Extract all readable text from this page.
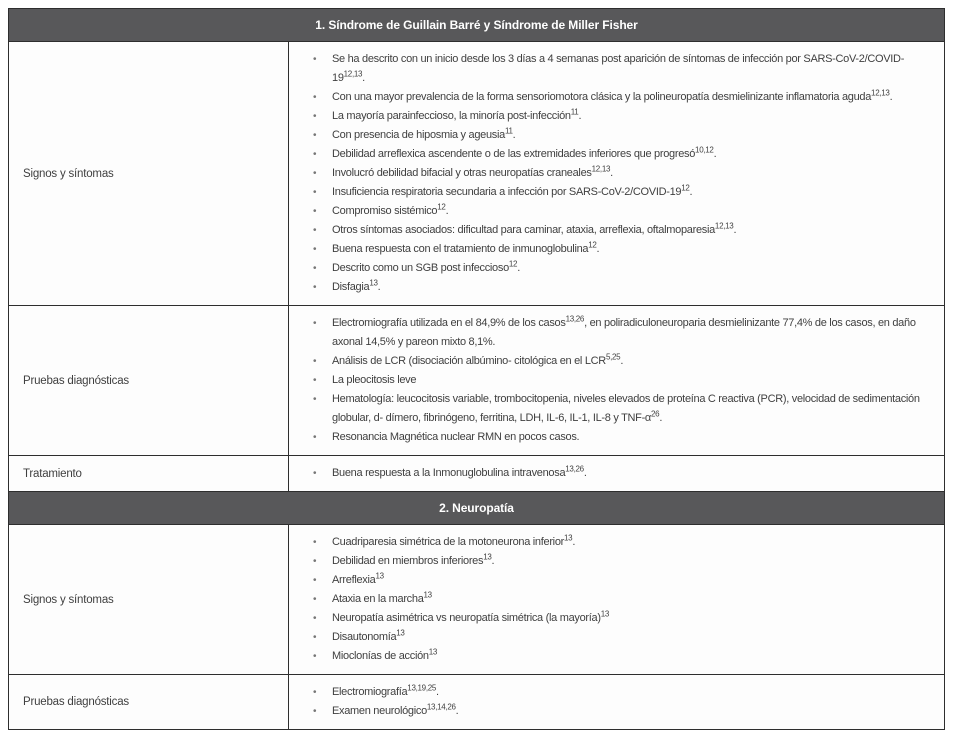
1. Síndrome de Guillain Barré y Síndrome de Miller Fisher
Signos y síntomas
•	Se ha descrito con un inicio desde los 3 días a 4 semanas post aparición de síntomas de infección por SARS-CoV-2/COVID-19$^{12,13}$.
•	Con una mayor prevalencia de la forma sensoriomotora clásica y la polineuropatía desmielinizante inflamatoria aguda$^{12,13}$.
•	La mayoría parainfeccioso, la minoría post-infección$^{11}$.
•	Con presencia de hiposmia y ageusia$^{11}$.
•	Debilidad arreflexica ascendente o de las extremidades inferiores que progresó$^{10,12}$.
•	Involucró debilidad bifacial y otras neuropatías craneales$^{12,13}$.
•	Insuficiencia respiratoria secundaria a infección por SARS-$CoV-2/COVID-19^{12}$.
•	Compromiso sistémico$^{12}$.
•	Otros síntomas asociados: dificultad para caminar, ataxia, arreflexia, oftalmoparesia$^{12,13}$.
•	Buena respuesta con el tratamiento de inmunoglobulina$^{12}$.
•	Descrito como un SGB post infeccioso$^{12}$.
•	Disfagia$^{13}$.
Pruebas diagnósticas
•	Electromiografía utilizada en el 84,9% de los casos$^{13,26}$, en poliradiculoneuroparia desmielinizante 77,4% de los casos, en daño axonal 14,5% y pareon mixto 8,1%.
•	Análisis de LCR (disociación albúmino- citológica en el LCR$^{5,25}$.
•	La pleocitosis leve
•	Hematología: leucocitosis variable, trombocitopenia, niveles elevados de proteína C reactiva (PCR), velocidad de sedimentación globular, d- dímero, fibrinógeno, ferritina, LDH, IL-6, IL-1, IL-8 y TNF-$\alpha^{26}$.
•	Resonancia Magnética nuclear RMN en pocos casos.
Tratamiento	•	Buena respuesta a la Inmonuglobulina intravenosa$^{13,26}$.
2. Neuropatía
Signos y síntomas
•	Cuadriparesia simétrica de la motoneurona inferior$^{13}$.
•	Debilidad en miembros inferiores$^{13}$.
•	Arreflexia$^{13}$
•	Ataxia en la marcha$^{13}$
•	Neuropatía asimétrica vs neuropatía simétrica (la mayoría)$^{13}$
•	Disautonomía$^{13}$
•	Mioclonías de acción$^{13}$
Pruebas diagnósticas
•	Electromiografía$^{13,19,25}$.
•	Examen neurológico$^{13,14,26}$.
